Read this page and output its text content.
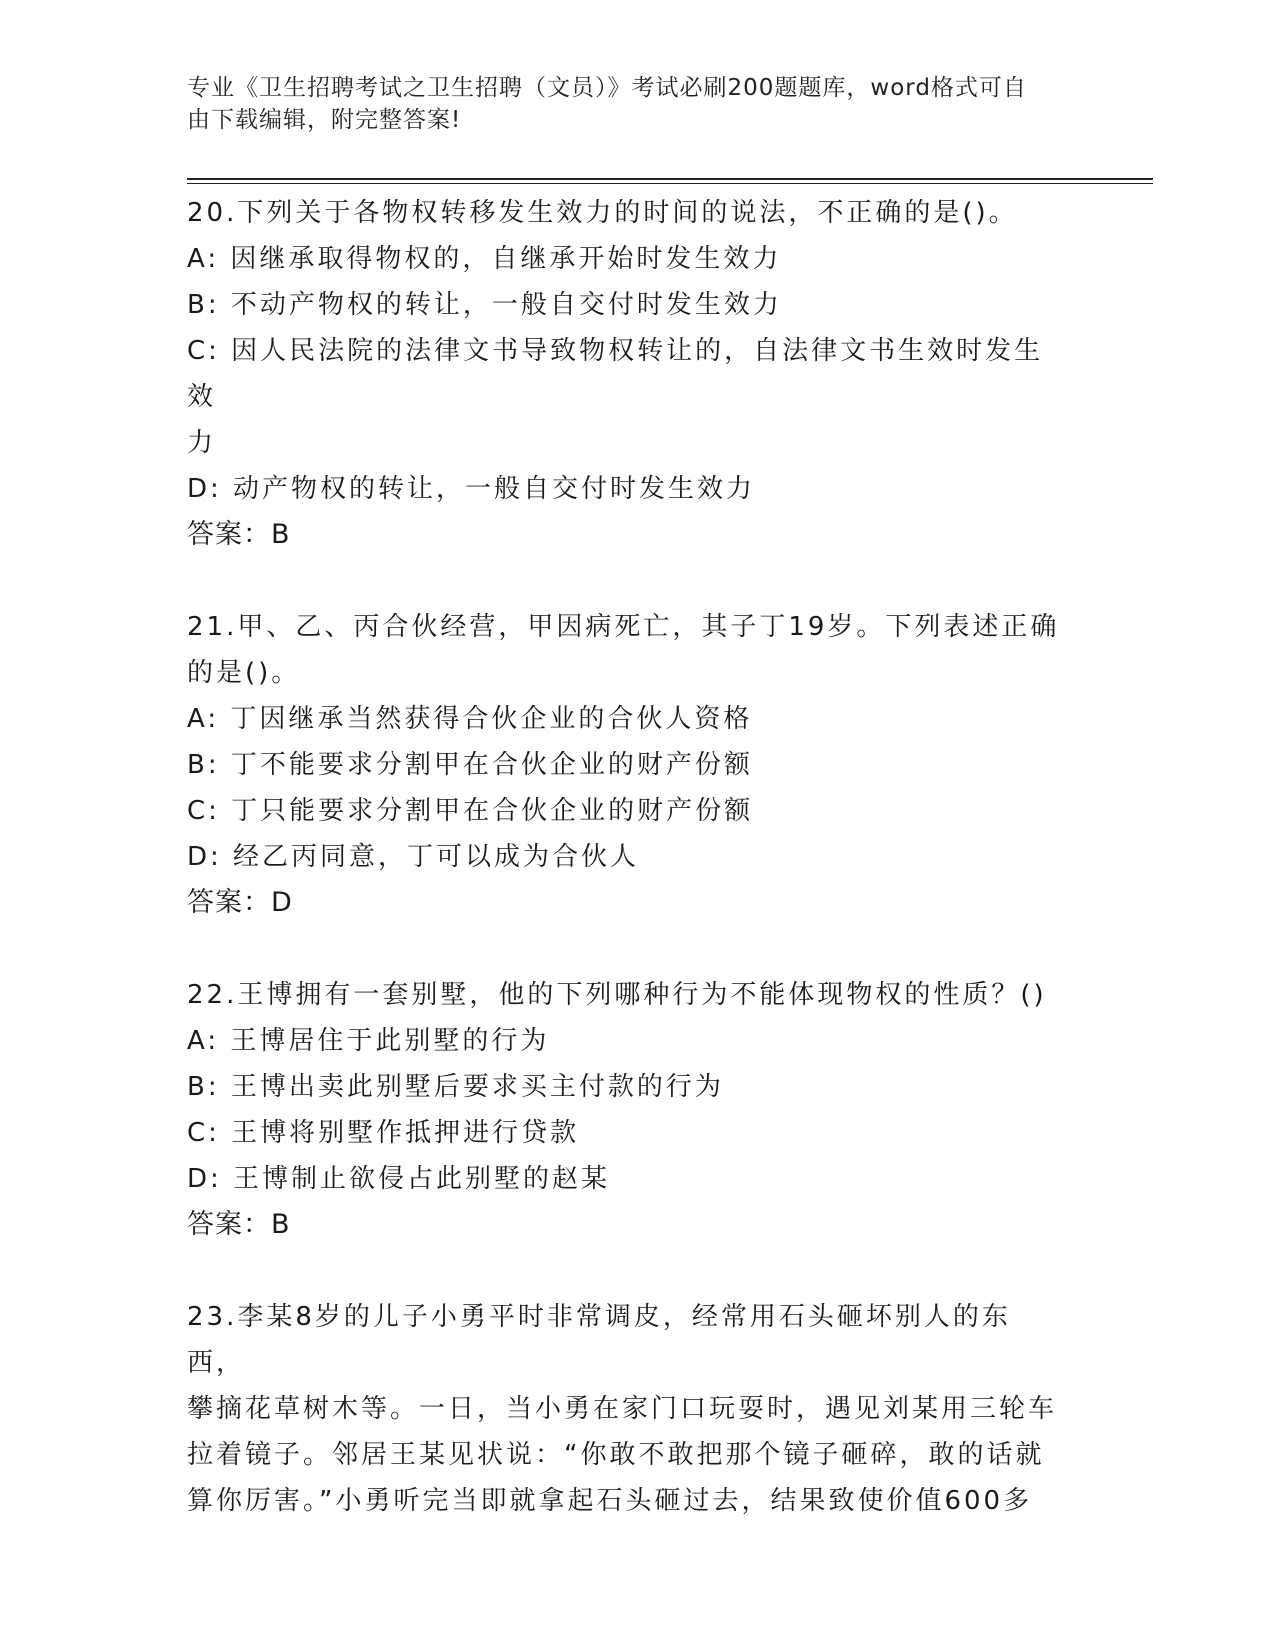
专业《卫生招聘考试之卫生招聘（文员）》考试必刷200题题库，word格式可自
由下载编辑，附完整答案!
20.下列关于各物权转移发生效力的时间的说法，不正确的是()。
A: 因继承取得物权的，自继承开始时发生效力
B: 不动产物权的转让，一般自交付时发生效力
C: 因人民法院的法律文书导致物权转让的，自法律文书生效时发生效
力
D: 动产物权的转让，一般自交付时发生效力
答案：B
21.甲、乙、丙合伙经营，甲因病死亡，其子丁19岁。下列表述正确
的是()。
A: 丁因继承当然获得合伙企业的合伙人资格
B: 丁不能要求分割甲在合伙企业的财产份额
C: 丁只能要求分割甲在合伙企业的财产份额
D: 经乙丙同意，丁可以成为合伙人
答案：D
22.王博拥有一套别墅，他的下列哪种行为不能体现物权的性质？()
A: 王博居住于此别墅的行为
B: 王博出卖此别墅后要求买主付款的行为
C: 王博将别墅作抵押进行贷款
D: 王博制止欲侵占此别墅的赵某
答案：B
23.李某8岁的儿子小勇平时非常调皮，经常用石头砸坏别人的东西，
攀摘花草树木等。一日，当小勇在家门口玩耍时，遇见刘某用三轮车
拉着镜子。邻居王某见状说：“你敢不敢把那个镜子砸碎，敢的话就
算你厉害。”小勇听完当即就拿起石头砸过去，结果致使价值600多
